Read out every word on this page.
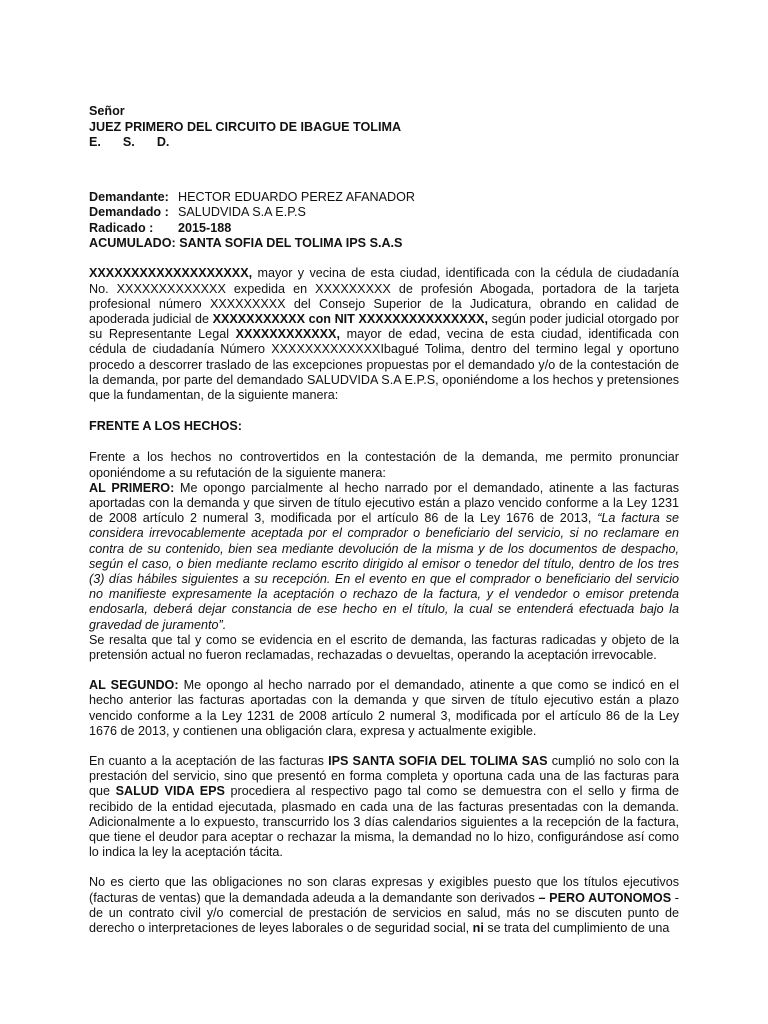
Señor
JUEZ PRIMERO DEL CIRCUITO DE IBAGUE TOLIMA
E. S. D.
Demandante: HECTOR EDUARDO PEREZ AFANADOR
Demandado : SALUDVIDA S.A E.P.S
Radicado : 2015-188
ACUMULADO: SANTA SOFIA DEL TOLIMA IPS S.A.S

XXXXXXXXXXXXXXXXXXX, mayor y vecina de esta ciudad, identificada con la cédula de ciudadanía No. XXXXXXXXXXXXX expedida en XXXXXXXXX de profesión Abogada, portadora de la tarjeta profesional número XXXXXXXXX del Consejo Superior de la Judicatura, obrando en calidad de apoderada judicial de XXXXXXXXXXX con NIT XXXXXXXXXXXXXXX, según poder judicial otorgado por su Representante Legal XXXXXXXXXXXX, mayor de edad, vecina de esta ciudad, identificada con cédula de ciudadanía Número XXXXXXXXXXXXXIbagué Tolima, dentro del termino legal y oportuno procedo a descorrer traslado de las excepciones propuestas por el demandado y/o de la contestación de la demanda, por parte del demandado SALUDVIDA S.A E.P.S, oponiéndome a los hechos y pretensiones que la fundamentan, de la siguiente manera:

FRENTE A LOS HECHOS:

Frente a los hechos no controvertidos en la contestación de la demanda, me permito pronunciar oponiéndome a su refutación de la siguiente manera:

AL PRIMERO: Me opongo parcialmente al hecho narrado por el demandado, atinente a las facturas aportadas con la demanda y que sirven de título ejecutivo están a plazo vencido conforme a la Ley 1231 de 2008 artículo 2 numeral 3, modificada por el artículo 86 de la Ley 1676 de 2013, “La factura se considera irrevocablemente aceptada por el comprador o beneficiario del servicio, si no reclamare en contra de su contenido, bien sea mediante devolución de la misma y de los documentos de despacho, según el caso, o bien mediante reclamo escrito dirigido al emisor o tenedor del título, dentro de los tres (3) días hábiles siguientes a su recepción. En el evento en que el comprador o beneficiario del servicio no manifieste expresamente la aceptación o rechazo de la factura, y el vendedor o emisor pretenda endosarla, deberá dejar constancia de ese hecho en el título, la cual se entenderá efectuada bajo la gravedad de juramento”.

Se resalta que tal y como se evidencia en el escrito de demanda, las facturas radicadas y objeto de la pretensión actual no fueron reclamadas, rechazadas o devueltas, operando la aceptación irrevocable.

AL SEGUNDO: Me opongo al hecho narrado por el demandado, atinente a que como se indicó en el hecho anterior las facturas aportadas con la demanda y que sirven de título ejecutivo están a plazo vencido conforme a la Ley 1231 de 2008 artículo 2 numeral 3, modificada por el artículo 86 de la Ley 1676 de 2013, y contienen una obligación clara, expresa y actualmente exigible.

En cuanto a la aceptación de las facturas IPS SANTA SOFIA DEL TOLIMA SAS cumplió no solo con la prestación del servicio, sino que presentó en forma completa y oportuna cada una de las facturas para que SALUD VIDA EPS procediera al respectivo pago tal como se demuestra con el sello y firma de recibido de la entidad ejecutada, plasmado en cada una de las facturas presentadas con la demanda. Adicionalmente a lo expuesto, transcurrido los 3 días calendarios siguientes a la recepción de la factura, que tiene el deudor para aceptar o rechazar la misma, la demandad no lo hizo, configurándose así como lo indica la ley la aceptación tácita.

No es cierto que las obligaciones no son claras expresas y exigibles puesto que los títulos ejecutivos (facturas de ventas) que la demandada adeuda a la demandante son derivados – PERO AUTONOMOS - de un contrato civil y/o comercial de prestación de servicios en salud, más no se discuten punto de derecho o interpretaciones de leyes laborales o de seguridad social, ni se trata del cumplimiento de una
